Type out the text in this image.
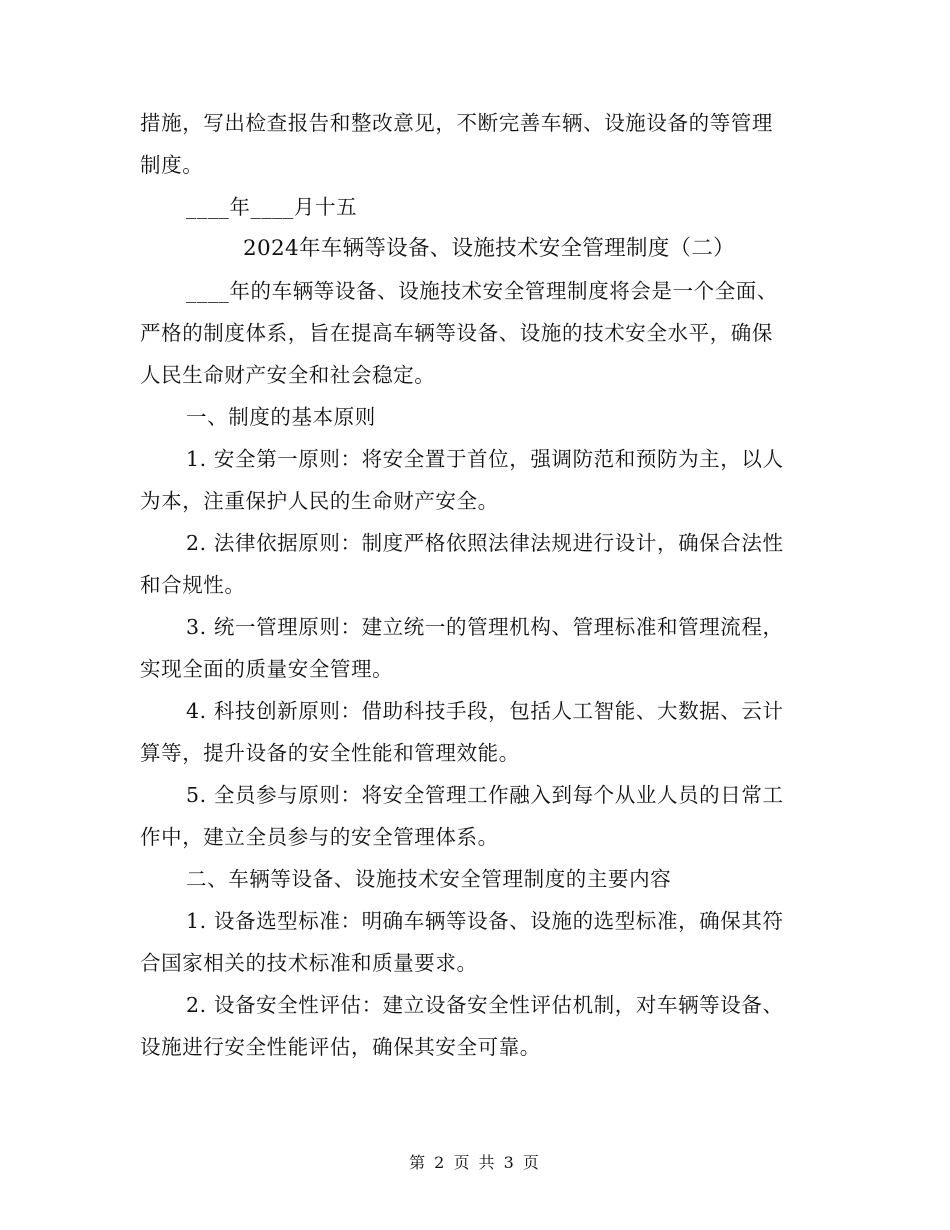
措施，写出检查报告和整改意见，不断完善车辆、设施设备的等管理
制度。
____年____月十五
2024年车辆等设备、设施技术安全管理制度（二）
____年的车辆等设备、设施技术安全管理制度将会是一个全面、
严格的制度体系，旨在提高车辆等设备、设施的技术安全水平，确保
人民生命财产安全和社会稳定。
一、制度的基本原则
1. 安全第一原则：将安全置于首位，强调防范和预防为主，以人
为本，注重保护人民的生命财产安全。
2. 法律依据原则：制度严格依照法律法规进行设计，确保合法性
和合规性。
3. 统一管理原则：建立统一的管理机构、管理标准和管理流程，
实现全面的质量安全管理。
4. 科技创新原则：借助科技手段，包括人工智能、大数据、云计
算等，提升设备的安全性能和管理效能。
5. 全员参与原则：将安全管理工作融入到每个从业人员的日常工
作中，建立全员参与的安全管理体系。
二、车辆等设备、设施技术安全管理制度的主要内容
1. 设备选型标准：明确车辆等设备、设施的选型标准，确保其符
合国家相关的技术标准和质量要求。
2. 设备安全性评估：建立设备安全性评估机制，对车辆等设备、
设施进行安全性能评估，确保其安全可靠。
第 2 页 共 3 页
